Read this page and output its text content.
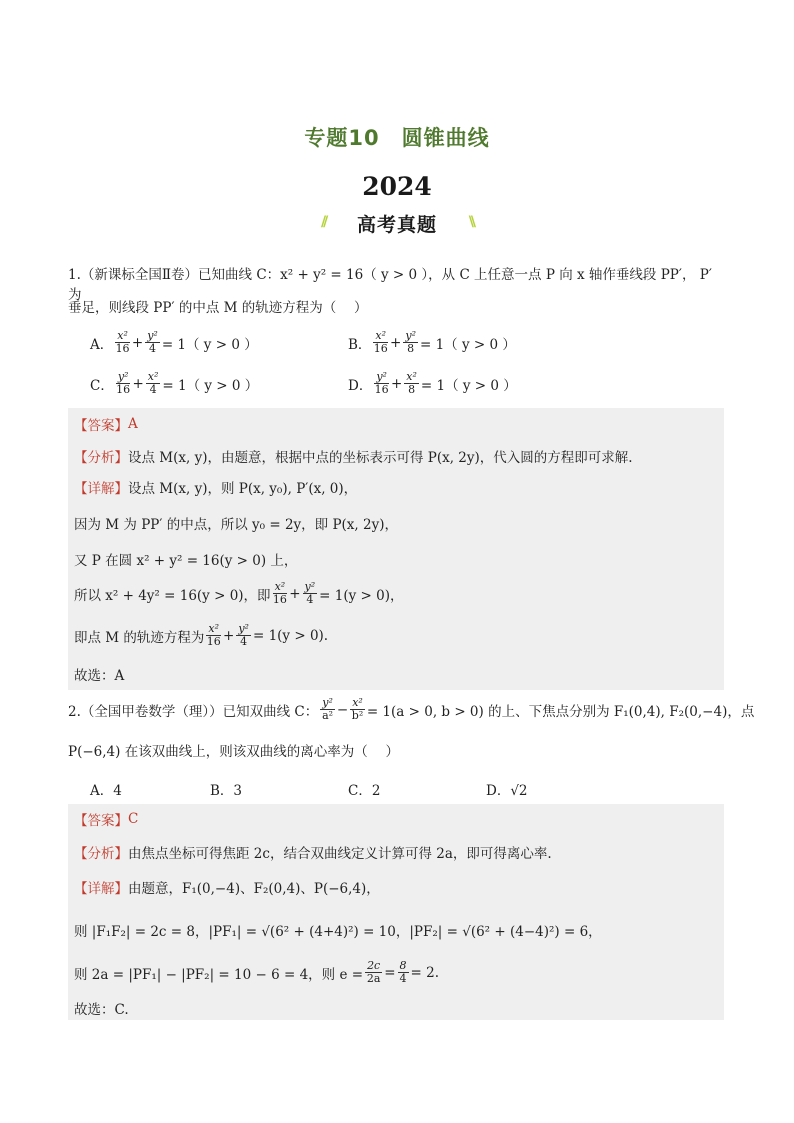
专题10　圆锥曲线
2024
// 高考真题 \\
1.（新课标全国Ⅱ卷）已知曲线 C：x² + y² = 16（ y > 0 ），从 C 上任意一点 P 向 x 轴作垂线段 PP′， P′为
垂足，则线段 PP′ 的中点 M 的轨迹方程为（　 ）
A． $\frac{\text{x²}}{16} + \frac{\text{y²}}{4} = 1$（ y > 0 ）	B． $\frac{\text{x²}}{16} + \frac{\text{y²}}{8} = 1$（ y > 0 ）
C． $\frac{\text{y²}}{16} + \frac{\text{x²}}{4} = 1$（ y > 0 ）	D． $\frac{\text{y²}}{16} + \frac{\text{x²}}{8} = 1$（ y > 0 ）
【答案】 A
【分析】 设点 M(x, y)，由题意，根据中点的坐标表示可得 P(x, 2y)，代入圆的方程即可求解.
【详解】 设点 M(x, y)，则 P(x, y₀), P′(x, 0)，
因为 M 为 PP′ 的中点，所以 y₀ = 2y，即 P(x, 2y)，
又 P 在圆 x² + y² = 16(y > 0) 上，
所以 x² + 4y² = 16(y > 0)，即 $\frac{\text{x²}}{16} + \frac{\text{y²}}{4} = 1(y > 0)$，
即点 M 的轨迹方程为 $\frac{\text{x²}}{16} + \frac{\text{y²}}{4} = 1(y > 0)$.
故选：A
2.（全国甲卷数学（理））已知双曲线 C： $\frac{\text{y²}}{\text{a²}} - \frac{\text{x²}}{\text{b²}} = 1(a > 0$, b > 0) 的上、下焦点分别为 F₁(0,4), F₂(0,−4)，点
P(−6,4) 在该双曲线上，则该双曲线的离心率为（　 ）
A．4	B．3	C．2	D．√2
【答案】 C
【分析】 由焦点坐标可得焦距 2c，结合双曲线定义计算可得 2a，即可得离心率.
【详解】 由题意，F₁(0,−4)、F₂(0,4)、P(−6,4)，
则 |F₁F₂| = 2c = 8，|PF₁| = √(6² + (4+4)²) = 10，|PF₂| = √(6² + (4−4)²) = 6，
则 2a = |PF₁| − |PF₂| = 10 − 6 = 4，则 $e = \frac{2c}{2a} = \frac{8}{4} = 2$.
故选：C.
